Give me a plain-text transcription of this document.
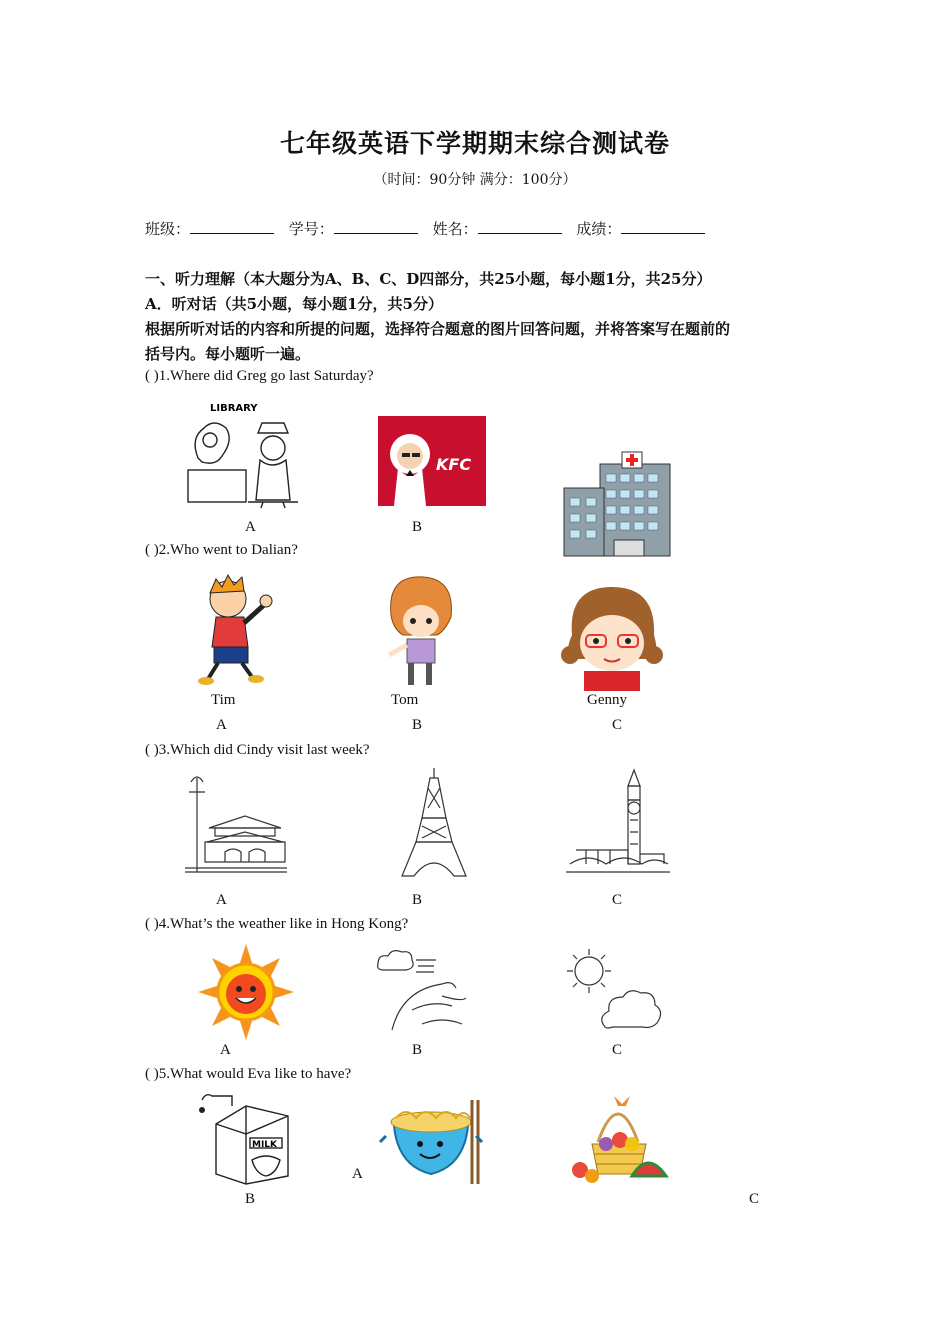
七年级英语下学期期末综合测试卷
（时间：90分钟 满分：100分）
班级：	学号：	姓名：	成绩：
一、听力理解（本大题分为A、B、C、D四部分，共25小题，每小题1分，共25分）
A．听对话（共5小题，每小题1分，共5分）
根据所听对话的内容和所提的问题，选择符合题意的图片回答问题，并将答案写在题前的
括号内。每小题听一遍。
( )1.Where did Greg go last Saturday?
LIBRARY
KFC
A	B
( )2.Who went to Dalian?
Tim	Tom	Genny
A	B	C
( )3.Which did Cindy visit last week?
A	B	C
( )4.What’s the weather like in Hong Kong?
A	B	C
( )5.What would Eva like to have?
MILK
A
B	C
